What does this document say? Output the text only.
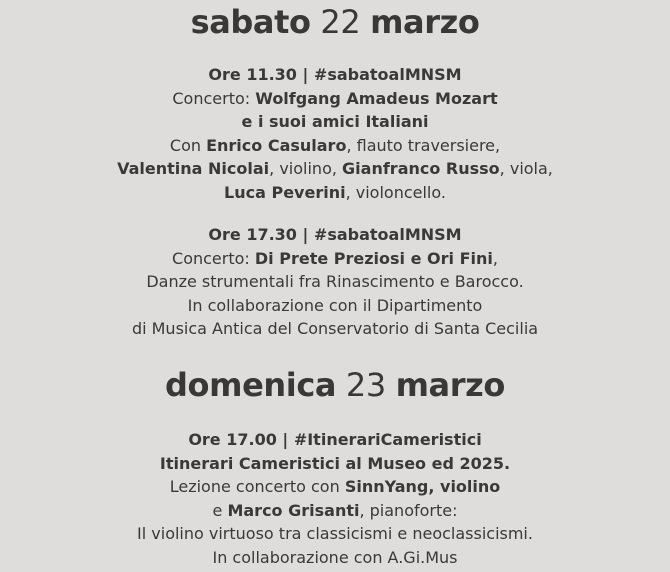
sabato 22 marzo
Ore 11.30 | #sabatoalMNSM
Concerto: Wolfgang Amadeus Mozart
e i suoi amici Italiani
Con Enrico Casularo, flauto traversiere,
Valentina Nicolai, violino, Gianfranco Russo, viola,
Luca Peverini, violoncello.
Ore 17.30 | #sabatoalMNSM
Concerto: Di Prete Preziosi e Ori Fini,
Danze strumentali fra Rinascimento e Barocco.
In collaborazione con il Dipartimento
di Musica Antica del Conservatorio di Santa Cecilia
domenica 23 marzo
Ore 17.00 | #ItinerariCameristici
Itinerari Cameristici al Museo ed 2025.
Lezione concerto con SinnYang, violino
e Marco Grisanti, pianoforte:
Il violino virtuoso tra classicismi e neoclassicismi.
In collaborazione con A.Gi.Mus
